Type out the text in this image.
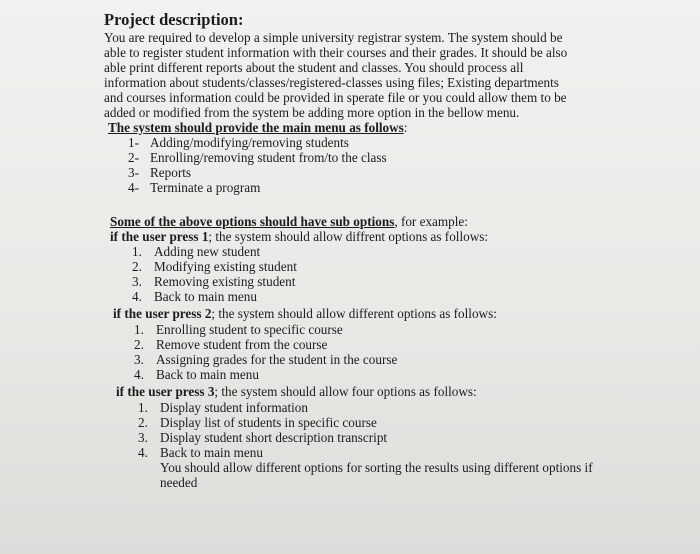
Project description:
You are required to develop a simple university registrar system. The system should be
able to register student information with their courses and their grades. It should be also
able print different reports about the student and classes. You should process all
information about students/classes/registered-classes using files; Existing departments
and courses information could be provided in sperate file or you could allow them to be
added or modified from the system be adding more option in the bellow menu.
The system should provide the main menu as follows:
1- Adding/modifying/removing students
2- Enrolling/removing student from/to the class
3- Reports
4- Terminate a program
Some of the above options should have sub options, for example:
if the user press 1; the system should allow diffrent options as follows:
1. Adding new student
2. Modifying existing student
3. Removing existing student
4. Back to main menu
if the user press 2; the system should allow different options as follows:
1. Enrolling student to specific course
2. Remove student from the course
3. Assigning grades for the student in the course
4. Back to main menu
if the user press 3; the system should allow four options as follows:
1. Display student information
2. Display list of students in specific course
3. Display student short description transcript
4. Back to main menu
You should allow different options for sorting the results using different options if
needed
